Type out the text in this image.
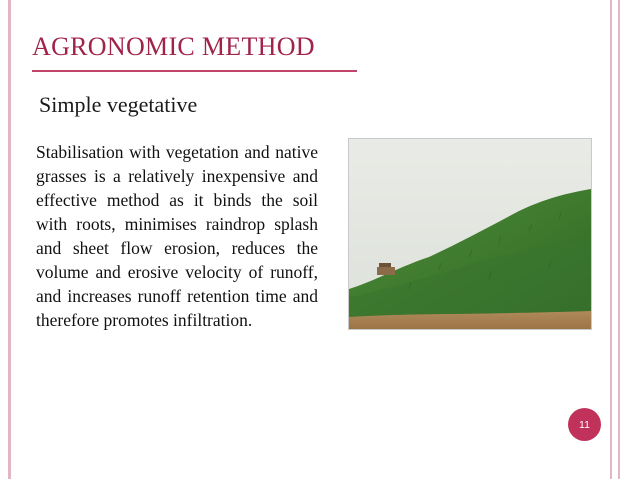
AGRONOMIC METHOD
Simple vegetative
Stabilisation with vegetation and native grasses is a relatively inexpensive and effective method as it binds the soil with roots, minimises raindrop splash and sheet flow erosion, reduces the volume and erosive velocity of runoff, and increases runoff retention time and therefore promotes infiltration.
11
